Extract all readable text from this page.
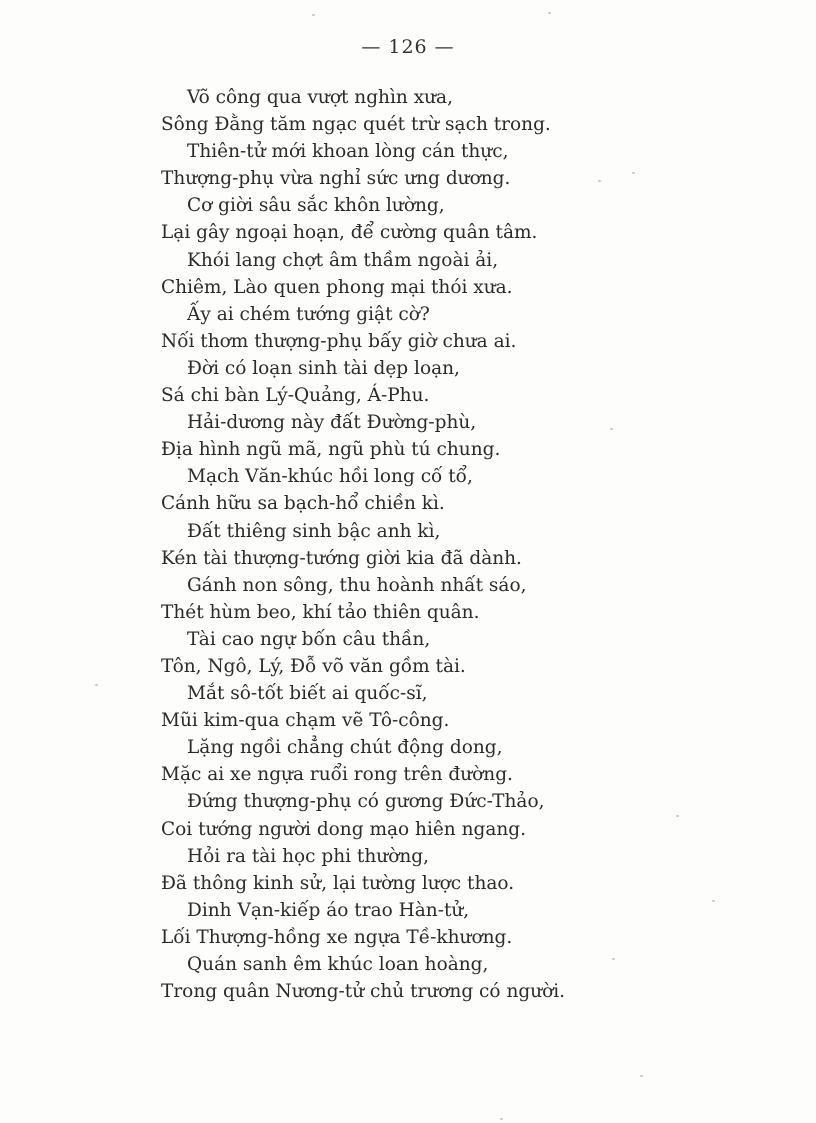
— 126 —
Võ công qua vượt nghìn xưa,
Sông Đằng tăm ngạc quét trừ sạch trong.
Thiên-tử mới khoan lòng cán thực,
Thượng-phụ vừa nghỉ sức ưng dương.
Cơ giời sâu sắc khôn lường,
Lại gây ngoại hoạn, để cường quân tâm.
Khói lang chợt âm thầm ngoài ải,
Chiêm, Lào quen phong mại thói xưa.
Ấy ai chém tướng giật cờ?
Nối thơm thượng-phụ bấy giờ chưa ai.
Đời có loạn sinh tài dẹp loạn,
Sá chi bàn Lý-Quảng, Á-Phu.
Hải-dương này đất Đường-phù,
Địa hình ngũ mã, ngũ phù tú chung.
Mạch Văn-khúc hồi long cố tổ,
Cánh hữu sa bạch-hổ chiền kì.
Đất thiêng sinh bậc anh kì,
Kén tài thượng-tướng giời kia đã dành.
Gánh non sông, thu hoành nhất sáo,
Thét hùm beo, khí tảo thiên quân.
Tài cao ngự bốn câu thần,
Tôn, Ngô, Lý, Đỗ võ văn gồm tài.
Mắt sô-tốt biết ai quốc-sĩ,
Mũi kim-qua chạm vẽ Tô-công.
Lặng ngồi chẳng chút động dong,
Mặc ai xe ngựa ruổi rong trên đường.
Đứng thượng-phụ có gương Đức-Thảo,
Coi tướng người dong mạo hiên ngang.
Hỏi ra tài học phi thường,
Đã thông kinh sử, lại tường lược thao.
Dinh Vạn-kiếp áo trao Hàn-tử,
Lối Thượng-hồng xe ngựa Tề-khương.
Quán sanh êm khúc loan hoàng,
Trong quân Nương-tử chủ trương có người.
